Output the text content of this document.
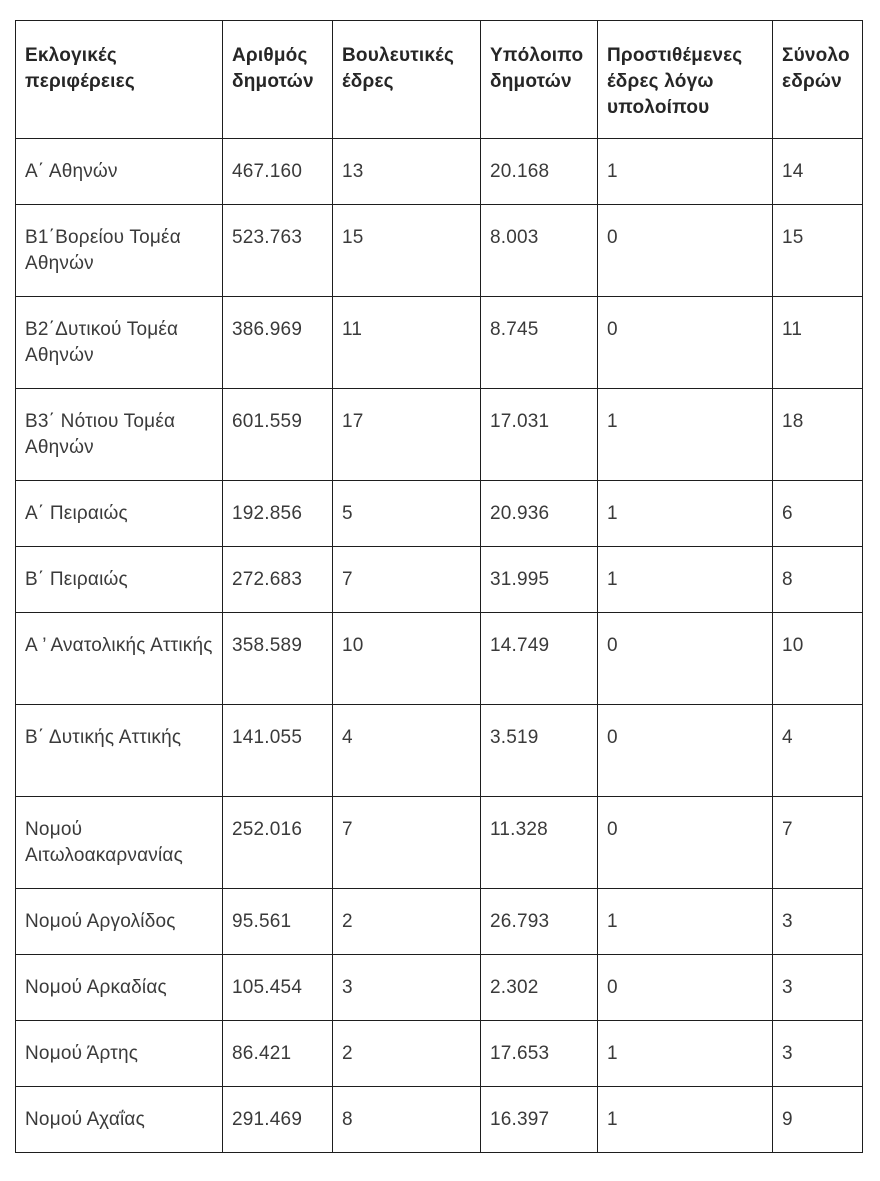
Εκλογικές περιφέρειες	Αριθμός δημοτών	Βουλευτικές έδρες	Υπόλοιπο δημοτών	Προστιθέμενες έδρες λόγω υπολοίπου	Σύνολο εδρών
Α΄ Αθηνών	467.160	13	20.168	1	14
Β1΄Βορείου Τομέα Αθηνών	523.763	15	8.003	0	15
Β2΄Δυτικού Τομέα Αθηνών	386.969	11	8.745	0	11
Β3΄ Νότιου Τομέα Αθηνών	601.559	17	17.031	1	18
Α΄ Πειραιώς	192.856	5	20.936	1	6
Β΄ Πειραιώς	272.683	7	31.995	1	8
Α ’ Ανατολικής Αττικής	358.589	10	14.749	0	10
Β΄ Δυτικής Αττικής	141.055	4	3.519	0	4
Νομού Αιτωλοακαρνανίας	252.016	7	11.328	0	7
Νομού Αργολίδος	95.561	2	26.793	1	3
Νομού Αρκαδίας	105.454	3	2.302	0	3
Νομού Άρτης	86.421	2	17.653	1	3
Νομού Αχαΐας	291.469	8	16.397	1	9
